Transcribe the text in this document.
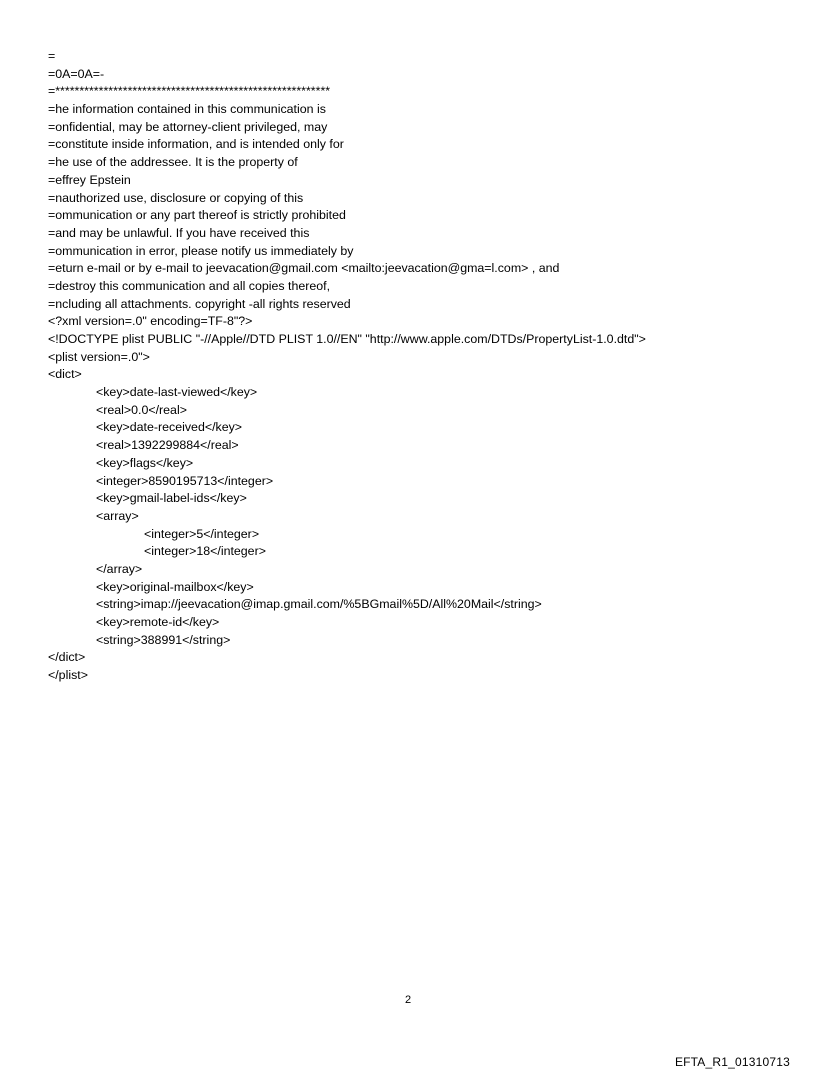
=
=0A=0A=-
=*********************************************************
=he information contained in this communication is
=onfidential, may be attorney-client privileged, may
=constitute inside information, and is intended only for
=he use of the addressee. It is the property of
=effrey Epstein
=nauthorized use, disclosure or copying of this
=ommunication or any part thereof is strictly prohibited
=and may be unlawful. If you have received this
=ommunication in error, please notify us immediately by
=eturn e-mail or by e-mail to jeevacation@gmail.com <mailto:jeevacation@gma=l.com> , and
=destroy this communication and all copies thereof,
=ncluding all attachments. copyright -all rights reserved
<?xml version=.0" encoding=TF-8"?>
<!DOCTYPE plist PUBLIC "-//Apple//DTD PLIST 1.0//EN" "http://www.apple.com/DTDs/PropertyList-1.0.dtd">
<plist version=.0">
<dict>
<key>date-last-viewed</key>
<real>0.0</real>
<key>date-received</key>
<real>1392299884</real>
<key>flags</key>
<integer>8590195713</integer>
<key>gmail-label-ids</key>
<array>
<integer>5</integer>
<integer>18</integer>
</array>
<key>original-mailbox</key>
<string>imap://jeevacation@imap.gmail.com/%5BGmail%5D/All%20Mail</string>
<key>remote-id</key>
<string>388991</string>
</dict>
</plist>
2
EFTA_R1_01310713
